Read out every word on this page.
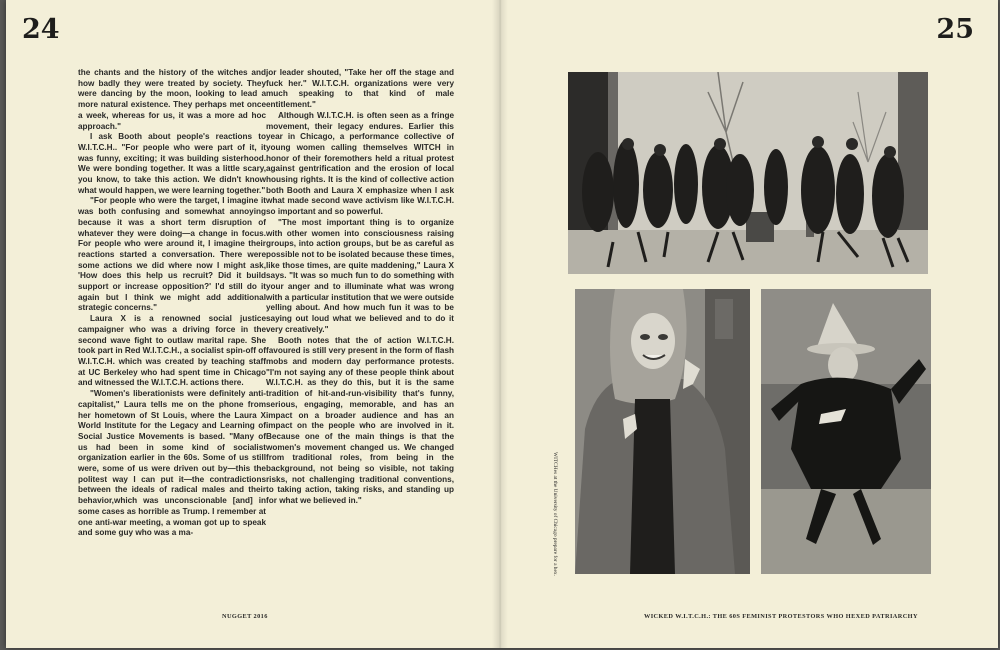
24

the chants and the history of the witches and how badly they were treated by society. They were dancing by the moon, looking to lead a more natural existence. They perhaps met once a week, whereas for us, it was a more ad hoc approach."

I ask Booth about people's reactions to W.I.T.C.H.. "For people who were part of it, it was funny, exciting; it was building sisterhood. We were bonding together. It was a little scary, you know, to take this action. We didn't know what would happen, we were learning together."

"For people who were the target, I imagine it was both confusing and somewhat annoying because it was a short term disruption of whatever they were doing—a change in focus. For people who were around it, I imagine their reactions started a conversation. There were some actions we did where now I might ask, 'How does this help us recruit? Did it build support or increase opposition?' I'd still do it again but I think we might add additional strategic concerns."

Laura X is a renowned social justice campaigner who was a driving force in the second wave fight to outlaw marital rape. She took part in Red W.I.T.C.H., a socialist spin-off of W.I.T.C.H. which was created by teaching staff at UC Berkeley who had spent time in Chicago and witnessed the W.I.T.C.H. actions there.

"Women's liberationists were definitely anti-capitalist," Laura tells me on the phone from her hometown of St Louis, where the Laura X World Institute for the Legacy and Learning of Social Justice Movements is based. "Many of us had been in some kind of socialist organization earlier in the 60s. Some of us still were, some of us were driven out by—this the politest way I can put it—the contradictions between the ideals of radical males and their behavior,which was unconscionable [and] in some cases as horrible as Trump. I remember at one anti-war meeting, a woman got up to speak and some guy who was a ma-

jor leader shouted, "Take her off the stage and fuck her." W.I.T.C.H. organizations were very much speaking to that kind of male entitlement."

Although W.I.T.C.H. is often seen as a fringe movement, their legacy endures. Earlier this year in Chicago, a performance collective of young women calling themselves WITCH in honor of their foremothers held a ritual protest against gentrification and the erosion of local housing rights. It is the kind of collective action both Booth and Laura X emphasize when I ask what made second wave activism like W.I.T.C.H. so important and so powerful.

"The most important thing is to organize with other women into consciousness raising groups, into action groups, but be as careful as possible not to be isolated because these times, like those times, are quite maddening," Laura X says. "It was so much fun to do something with your anger and to illuminate what was wrong with a particular institution that we were outside yelling about. And how much fun it was to be saying out loud what we believed and to do it very creatively."

Booth notes that the of action W.I.T.C.H. favoured is still very present in the form of flash mobs and modern day performance protests. "I'm not saying any of these people think about W.I.T.C.H. as they do this, but it is the same tradition of hit-and-run-visibility that's funny, serious, engaging, memorable, and has an impact on a broader audience and has an impact on the people who are involved in it. Because one of the main things is that the women's movement changed us. We changed from traditional roles, from being in the background, not being so visible, not taking risks, not challenging traditional conventions, to taking action, taking risks, and standing up for what we believed in."

NUGGET 2016
25
WITCHes at the University of Chicago prepare for a hex.
WICKED W.I.T.C.H.: THE 60S FEMINIST PROTESTORS WHO HEXED PATRIARCHY
